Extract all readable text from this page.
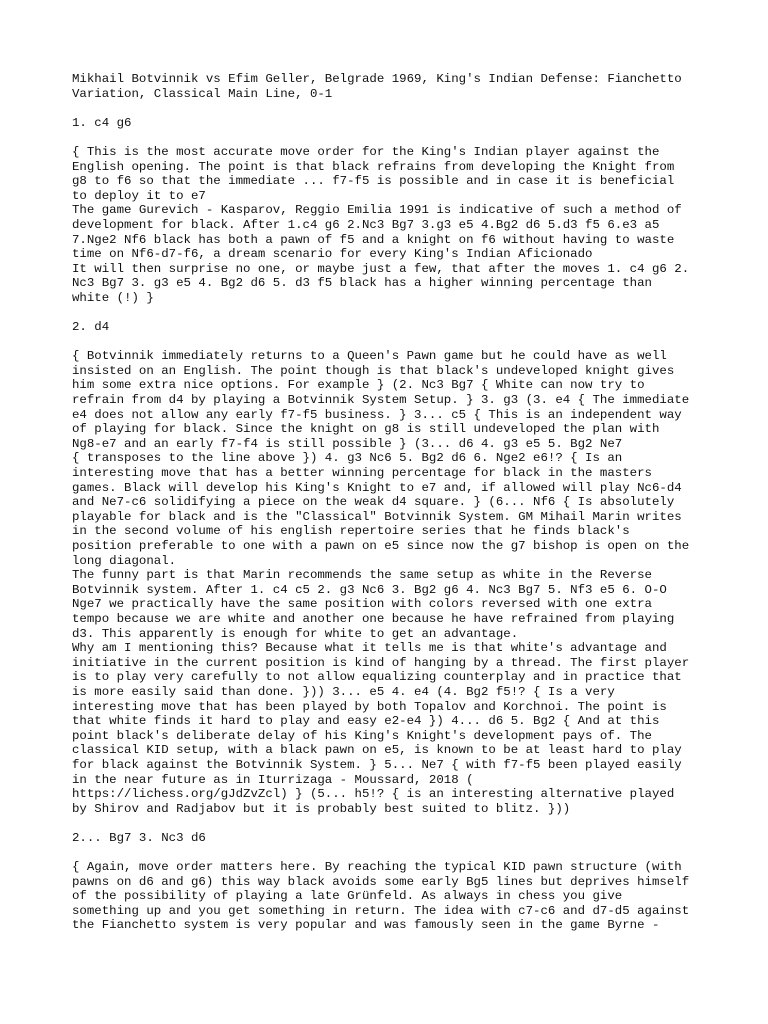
Mikhail Botvinnik vs Efim Geller, Belgrade 1969, King's Indian Defense: Fianchetto
Variation, Classical Main Line, 0-1
1. c4 g6
{ This is the most accurate move order for the King's Indian player against the
English opening. The point is that black refrains from developing the Knight from
g8 to f6 so that the immediate ... f7-f5 is possible and in case it is beneficial
to deploy it to e7
The game Gurevich - Kasparov, Reggio Emilia 1991 is indicative of such a method of
development for black. After 1.c4 g6 2.Nc3 Bg7 3.g3 e5 4.Bg2 d6 5.d3 f5 6.e3 a5
7.Nge2 Nf6 black has both a pawn of f5 and a knight on f6 without having to waste
time on Nf6-d7-f6, a dream scenario for every King's Indian Aficionado
It will then surprise no one, or maybe just a few, that after the moves 1. c4 g6 2.
Nc3 Bg7 3. g3 e5 4. Bg2 d6 5. d3 f5 black has a higher winning percentage than
white (!) }
2. d4
{ Botvinnik immediately returns to a Queen's Pawn game but he could have as well
insisted on an English. The point though is that black's undeveloped knight gives
him some extra nice options. For example } (2. Nc3 Bg7 { White can now try to
refrain from d4 by playing a Botvinnik System Setup. } 3. g3 (3. e4 { The immediate
e4 does not allow any early f7-f5 business. } 3... c5 { This is an independent way
of playing for black. Since the knight on g8 is still undeveloped the plan with
Ng8-e7 and an early f7-f4 is still possible } (3... d6 4. g3 e5 5. Bg2 Ne7
{ transposes to the line above }) 4. g3 Nc6 5. Bg2 d6 6. Nge2 e6!? { Is an
interesting move that has a better winning percentage for black in the masters
games. Black will develop his King's Knight to e7 and, if allowed will play Nc6-d4
and Ne7-c6 solidifying a piece on the weak d4 square. } (6... Nf6 { Is absolutely
playable for black and is the "Classical" Botvinnik System. GM Mihail Marin writes
in the second volume of his english repertoire series that he finds black's
position preferable to one with a pawn on e5 since now the g7 bishop is open on the
long diagonal.
The funny part is that Marin recommends the same setup as white in the Reverse
Botvinnik system. After 1. c4 c5 2. g3 Nc6 3. Bg2 g6 4. Nc3 Bg7 5. Nf3 e5 6. O-O
Nge7 we practically have the same position with colors reversed with one extra
tempo because we are white and another one because he have refrained from playing
d3. This apparently is enough for white to get an advantage.
Why am I mentioning this? Because what it tells me is that white's advantage and
initiative in the current position is kind of hanging by a thread. The first player
is to play very carefully to not allow equalizing counterplay and in practice that
is more easily said than done. })) 3... e5 4. e4 (4. Bg2 f5!? { Is a very
interesting move that has been played by both Topalov and Korchnoi. The point is
that white finds it hard to play and easy e2-e4 }) 4... d6 5. Bg2 { And at this
point black's deliberate delay of his King's Knight's development pays of. The
classical KID setup, with a black pawn on e5, is known to be at least hard to play
for black against the Botvinnik System. } 5... Ne7 { with f7-f5 been played easily
in the near future as in Iturrizaga - Moussard, 2018 (
https://lichess.org/gJdZvZcl) } (5... h5!? { is an interesting alternative played
by Shirov and Radjabov but it is probably best suited to blitz. }))
2... Bg7 3. Nc3 d6
{ Again, move order matters here. By reaching the typical KID pawn structure (with
pawns on d6 and g6) this way black avoids some early Bg5 lines but deprives himself
of the possibility of playing a late Grünfeld. As always in chess you give
something up and you get something in return. The idea with c7-c6 and d7-d5 against
the Fianchetto system is very popular and was famously seen in the game Byrne -
